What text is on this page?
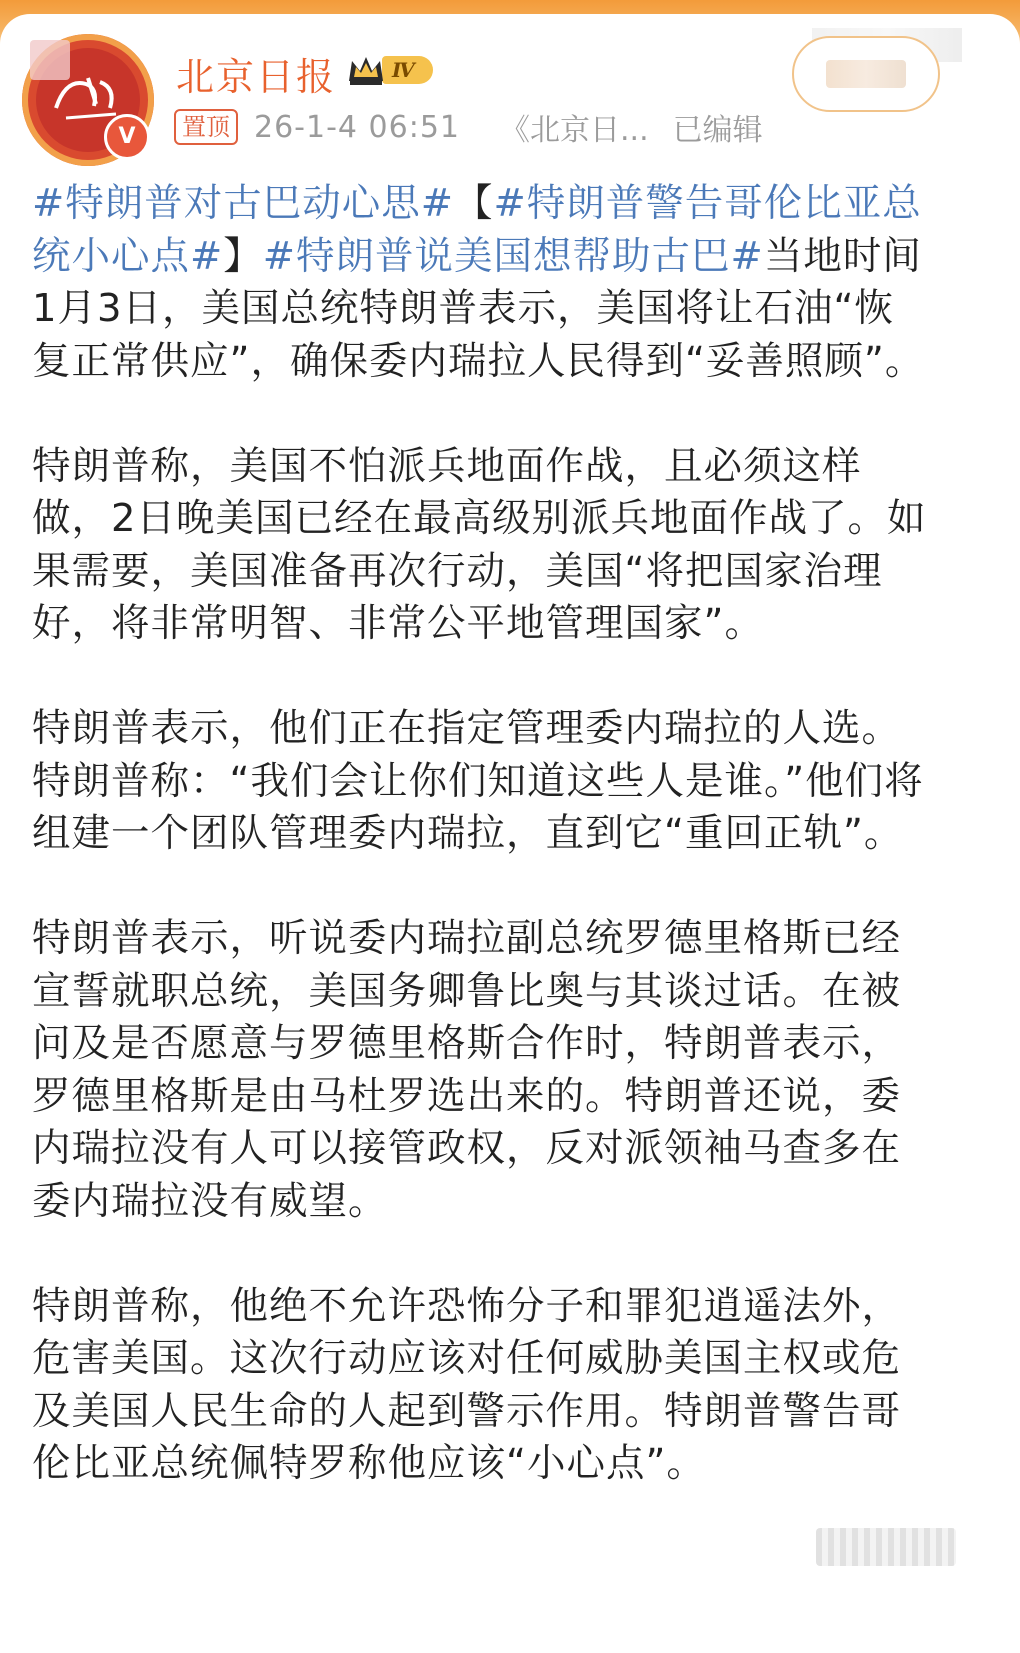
V
北京日报	Ⅳ
置顶 26-1-4 06:51 《北京日... 已编辑

#特朗普对古巴动心思#【#特朗普警告哥伦比亚总统小心点#】#特朗普说美国想帮助古巴#当地时间1月3日，美国总统特朗普表示，美国将让石油“恢复正常供应”，确保委内瑞拉人民得到“妥善照顾”。

特朗普称，美国不怕派兵地面作战，且必须这样做，2日晚美国已经在最高级别派兵地面作战了。如果需要，美国准备再次行动，美国“将把国家治理好，将非常明智、非常公平地管理国家”。

特朗普表示，他们正在指定管理委内瑞拉的人选。特朗普称：“我们会让你们知道这些人是谁。”他们将组建一个团队管理委内瑞拉，直到它“重回正轨”。

特朗普表示，听说委内瑞拉副总统罗德里格斯已经宣誓就职总统，美国务卿鲁比奥与其谈过话。在被问及是否愿意与罗德里格斯合作时，特朗普表示，罗德里格斯是由马杜罗选出来的。特朗普还说，委内瑞拉没有人可以接管政权，反对派领袖马查多在委内瑞拉没有威望。

特朗普称，他绝不允许恐怖分子和罪犯逍遥法外，危害美国。这次行动应该对任何威胁美国主权或危及美国人民生命的人起到警示作用。特朗普警告哥伦比亚总统佩特罗称他应该“小心点”。
